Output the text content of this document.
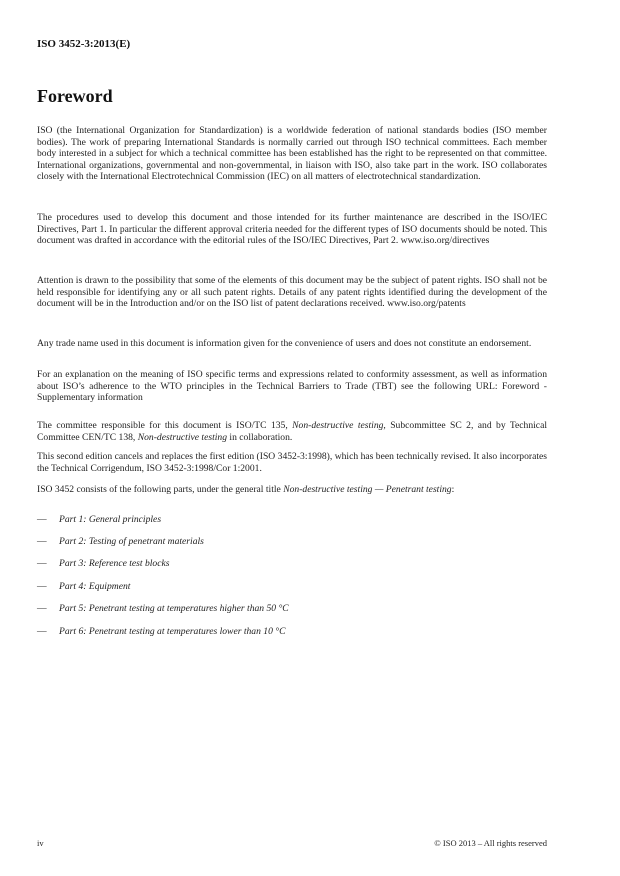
ISO 3452-3:2013(E)
Foreword

ISO (the International Organization for Standardization) is a worldwide federation of national standards bodies (ISO member bodies). The work of preparing International Standards is normally carried out through ISO technical committees. Each member body interested in a subject for which a technical committee has been established has the right to be represented on that committee. International organizations, governmental and non-governmental, in liaison with ISO, also take part in the work. ISO collaborates closely with the International Electrotechnical Commission (IEC) on all matters of electrotechnical standardization.

The procedures used to develop this document and those intended for its further maintenance are described in the ISO/IEC Directives, Part 1. In particular the different approval criteria needed for the different types of ISO documents should be noted. This document was drafted in accordance with the editorial rules of the ISO/IEC Directives, Part 2. www.iso.org/directives

Attention is drawn to the possibility that some of the elements of this document may be the subject of patent rights. ISO shall not be held responsible for identifying any or all such patent rights. Details of any patent rights identified during the development of the document will be in the Introduction and/or on the ISO list of patent declarations received. www.iso.org/patents

Any trade name used in this document is information given for the convenience of users and does not constitute an endorsement.

For an explanation on the meaning of ISO specific terms and expressions related to conformity assessment, as well as information about ISO’s adherence to the WTO principles in the Technical Barriers to Trade (TBT) see the following URL: Foreword - Supplementary information

The committee responsible for this document is ISO/TC 135, Non-destructive testing, Subcommittee SC 2, and by Technical Committee CEN/TC 138, Non-destructive testing in collaboration.

This second edition cancels and replaces the first edition (ISO 3452-3:1998), which has been technically revised. It also incorporates the Technical Corrigendum, ISO 3452-3:1998/Cor 1:2001.

ISO 3452 consists of the following parts, under the general title Non-destructive testing — Penetrant testing:

— Part 1: General principles
— Part 2: Testing of penetrant materials
— Part 3: Reference test blocks
— Part 4: Equipment
— Part 5: Penetrant testing at temperatures higher than 50 °C
— Part 6: Penetrant testing at temperatures lower than 10 °C
iv	© ISO 2013 – All rights reserved
